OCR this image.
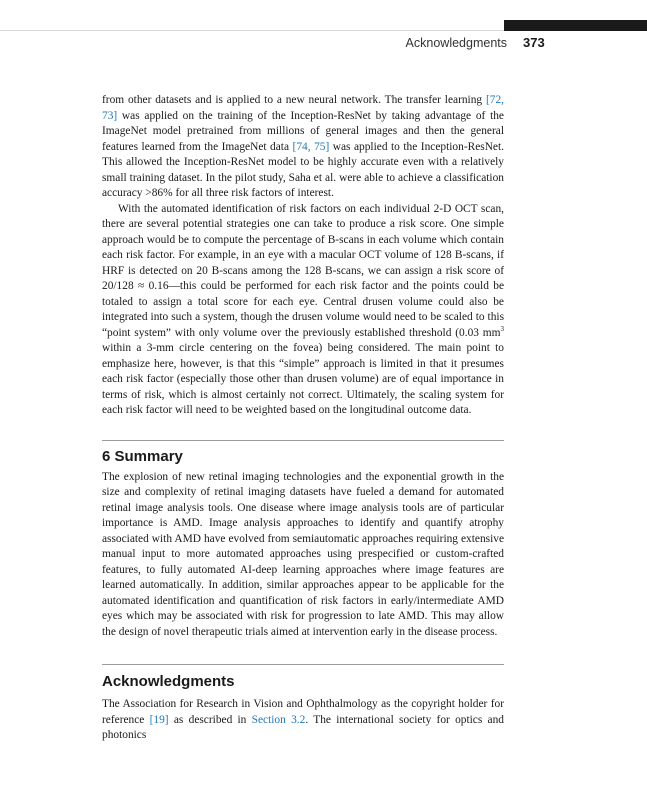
Acknowledgments 373

from other datasets and is applied to a new neural network. The transfer learning [72, 73] was applied on the training of the Inception-ResNet by taking advantage of the ImageNet model pretrained from millions of general images and then the general features learned from the ImageNet data [74, 75] was applied to the Inception-ResNet. This allowed the Inception-ResNet model to be highly accurate even with a relatively small training dataset. In the pilot study, Saha et al. were able to achieve a classification accuracy >86% for all three risk factors of interest.

With the automated identification of risk factors on each individual 2-D OCT scan, there are several potential strategies one can take to produce a risk score. One simple approach would be to compute the percentage of B-scans in each volume which contain each risk factor. For example, in an eye with a macular OCT volume of 128 B-scans, if HRF is detected on 20 B-scans among the 128 B-scans, we can assign a risk score of 20/128 ≈ 0.16—this could be performed for each risk factor and the points could be totaled to assign a total score for each eye. Central drusen volume could also be integrated into such a system, though the drusen volume would need to be scaled to this “point system” with only volume over the previously established threshold (0.03 $mm^3$ within a 3-mm circle centering on the fovea) being considered. The main point to emphasize here, however, is that this “simple” approach is limited in that it presumes each risk factor (especially those other than drusen volume) are of equal importance in terms of risk, which is almost certainly not correct. Ultimately, the scaling system for each risk factor will need to be weighted based on the longitudinal outcome data.

6 Summary

The explosion of new retinal imaging technologies and the exponential growth in the size and complexity of retinal imaging datasets have fueled a demand for automated retinal image analysis tools. One disease where image analysis tools are of particular importance is AMD. Image analysis approaches to identify and quantify atrophy associated with AMD have evolved from semiautomatic approaches requiring extensive manual input to more automated approaches using prespecified or custom-crafted features, to fully automated AI-deep learning approaches where image features are learned automatically. In addition, similar approaches appear to be applicable for the automated identification and quantification of risk factors in early/intermediate AMD eyes which may be associated with risk for progression to late AMD. This may allow the design of novel therapeutic trials aimed at intervention early in the disease process.

Acknowledgments

The Association for Research in Vision and Ophthalmology as the copyright holder for reference [19] as described in Section 3.2. The international society for optics and photonics
